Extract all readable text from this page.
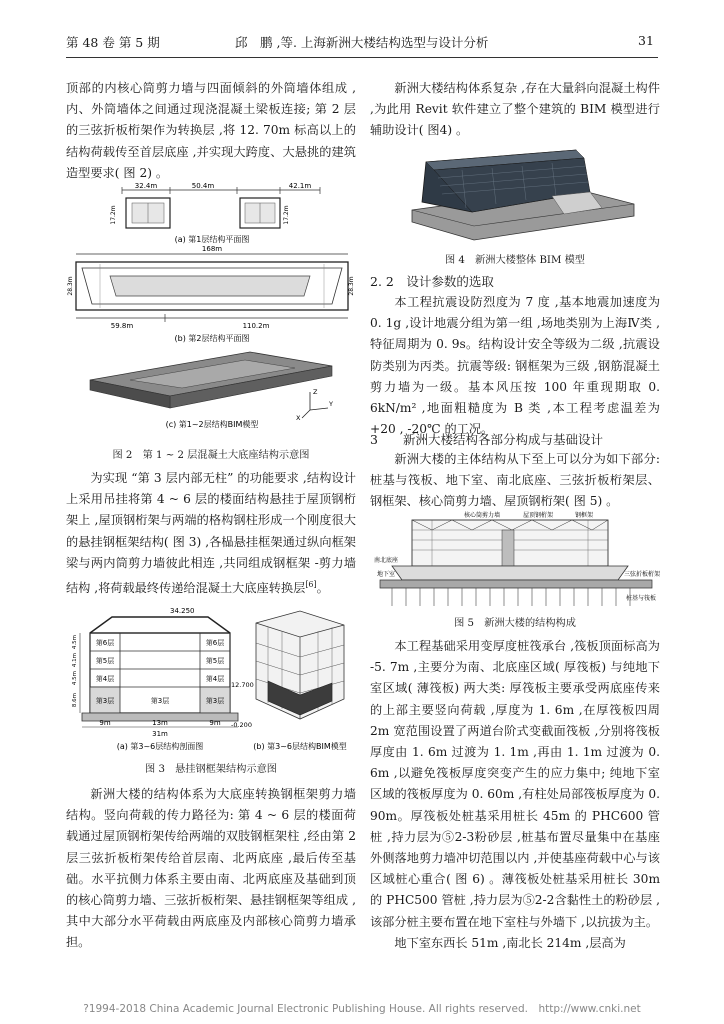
第 48 卷 第 5 期	邱　鹏 ,等. 上海新洲大楼结构选型与设计分析	31

顶部的内核心筒剪力墙与四面倾斜的外筒墙体组成 ,内、外筒墙体之间通过现浇混凝土梁板连接; 第 2 层的三弦折板桁架作为转换层 ,将 12. 70m 标高以上的结构荷载传至首层底座 ,并实现大跨度、大悬挑的建筑造型要求( 图 2) 。

32.4m	50.4m	42.1m
17.2m	17.2m
(a) 第1层结构平面图
168m
59.8m	110.2m
28.3m	28.3m
(b) 第2层结构平面图
Z
Y
X
(c) 第1~2层结构BIM模型
图 2　第 1 ~ 2 层混凝土大底座结构示意图

为实现 “第 3 层内部无柱” 的功能要求 ,结构设计上采用吊挂将第 4 ~ 6 层的楼面结构悬挂于屋顶钢桁架上 ,屋顶钢桁架与两端的格构钢柱形成一个刚度很大的悬挂钢框架结构( 图 3) ,各榀悬挂框架通过纵向框架梁与两内筒剪力墙彼此相连 ,共同组成钢框架 -剪力墙结构 ,将荷载最终传递给混凝土大底座转换层[6]。

34.250
第6层
第5层
第4层
第3层
第6层
第5层
第4层
第3层
第3层
12.700
-0.200
4.5m
4.1m
4.5m
8.6m
9m	13m	9m
31m
(a) 第3~6层结构剖面图	(b) 第3~6层结构BIM模型
图 3　悬挂钢框架结构示意图

新洲大楼的结构体系为大底座转换钢框架剪力墙结构。竖向荷载的传力路径为: 第 4 ~ 6 层的楼面荷载通过屋顶钢桁架传给两端的双肢钢框架柱 ,经由第 2 层三弦折板桁架传给首层南、北两底座 ,最后传至基础。水平抗侧力体系主要由南、北两底座及基础到顶的核心筒剪力墙、三弦折板桁架、悬挂钢框架等组成 ,其中大部分水平荷载由两底座及内部核心筒剪力墙承担。

新洲大楼结构体系复杂 ,存在大量斜向混凝土构件 ,为此用 Revit 软件建立了整个建筑的 BIM 模型进行辅助设计( 图4) 。

图 4　新洲大楼整体 BIM 模型
2. 2　 设计参数的选取

本工程抗震设防烈度为 7 度 ,基本地震加速度为 0. 1g ,设计地震分组为第一组 ,场地类别为上海Ⅳ类 ,特征周期为 0. 9s。结构设计安全等级为二级 ,抗震设防类别为丙类。抗震等级: 钢框架为三级 ,钢筋混凝土剪力墙为一级。基本风压按 100 年重现期取 0. 6kN/m² ,地面粗糙度为 B 类 ,本工程考虑温差为 +20 , -20℃ 的工况。

3　　 新洲大楼结构各部分构成与基础设计

新洲大楼的主体结构从下至上可以分为如下部分: 桩基与筏板、地下室、南北底座、三弦折板桁架层、钢框架、核心筒剪力墙、屋顶钢桁架( 图 5) 。

核心筒剪力墙	屋顶钢桁架	钢框架
南北底座
桩基与筏板
地下室	三弦折板桁架
图 5　新洲大楼的结构构成

本工程基础采用变厚度桩筏承台 ,筏板顶面标高为 -5. 7m ,主要分为南、北底座区域( 厚筏板) 与纯地下室区域( 薄筏板) 两大类: 厚筏板主要承受两底座传来的上部主要竖向荷载 ,厚度为 1. 6m ,在厚筏板四周 2m 宽范围设置了两道台阶式变截面筏板 ,分别将筏板厚度由 1. 6m 过渡为 1. 1m ,再由 1. 1m 过渡为 0. 6m ,以避免筏板厚度突变产生的应力集中; 纯地下室区域的筏板厚度为 0. 60m ,有柱处局部筏板厚度为 0. 90m。厚筏板处桩基采用桩长 45m 的 PHC600 管桩 ,持力层为⑤2-3粉砂层 ,桩基布置尽量集中在基座外侧落地剪力墙冲切范围以内 ,并使基座荷载中心与该区域桩心重合( 图 6) 。薄筏板处桩基采用桩长 30m 的 PHC500 管桩 ,持力层为⑤2-2含黏性土的粉砂层 ,该部分桩主要布置在地下室柱与外墙下 ,以抗拔为主。

地下室东西长 51m ,南北长 214m ,层高为

?1994-2018 China Academic Journal Electronic Publishing House. All rights reserved.　http://www.cnki.net
